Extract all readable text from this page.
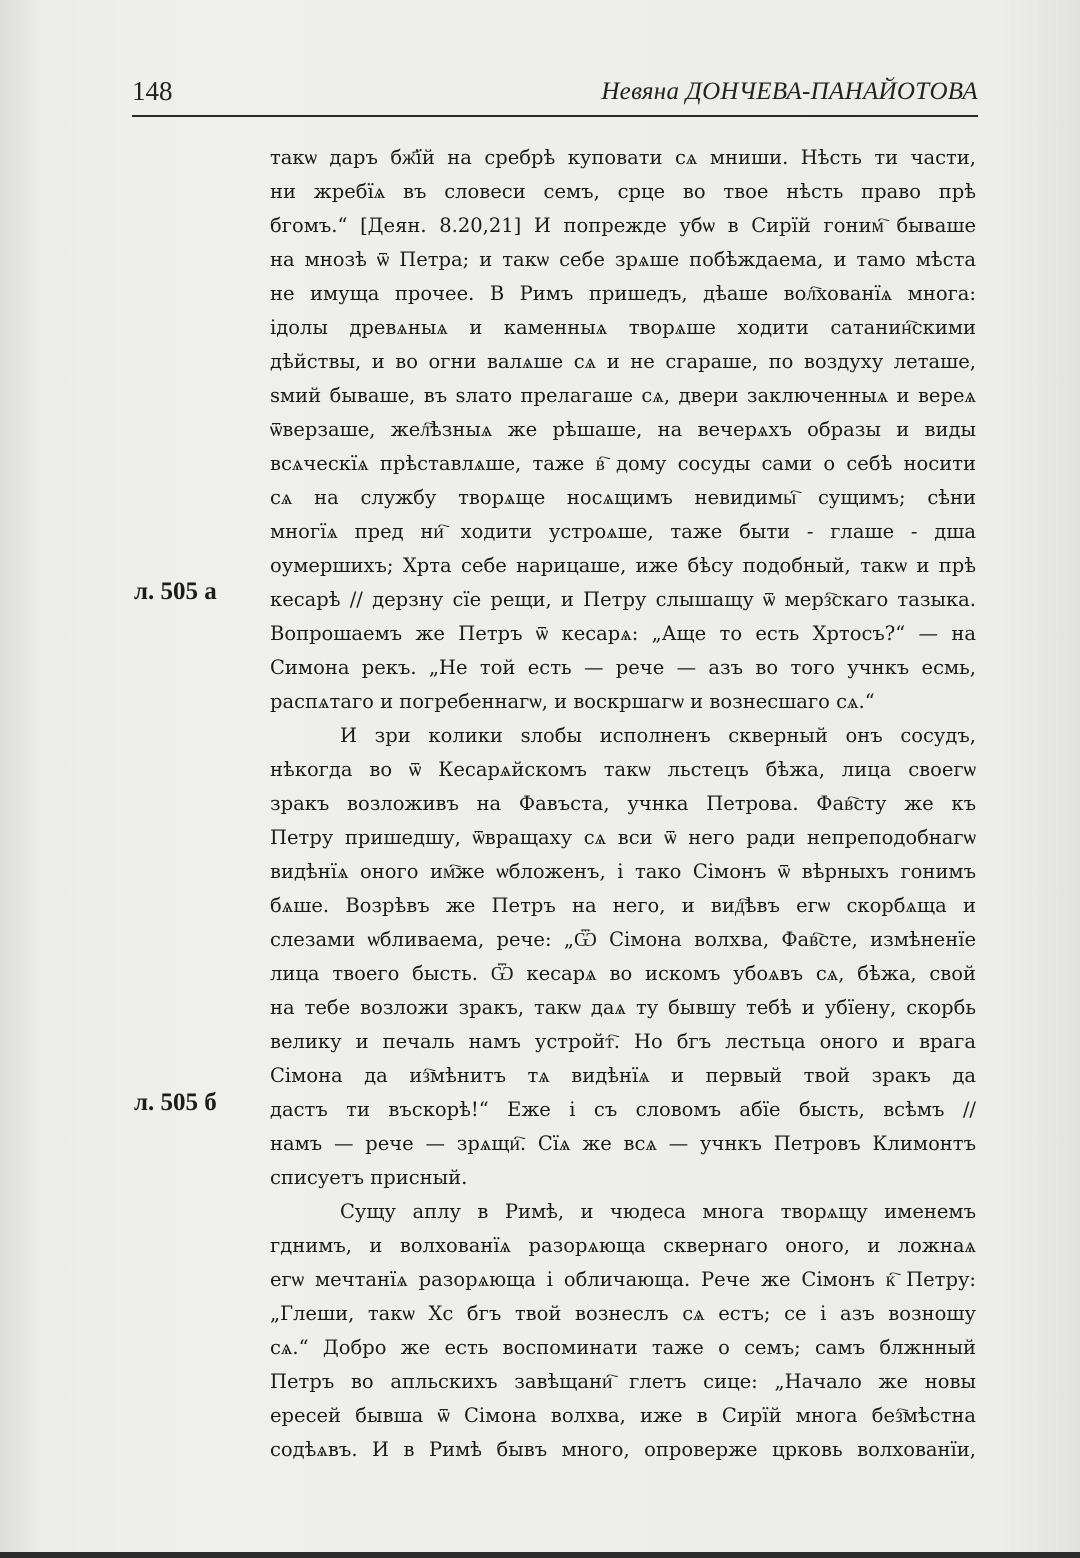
148	Невяна ДОНЧЕВА-ПАНАЙОТОВА
л. 505 а
л. 505 б
такѡ даръ бж҃їй на сребрѣ куповати сѧ мниши. Нѣсть ти части,
ни жребїѧ въ словеси семъ, срце во твое нѣсть право прѣ
бгомъ.“ [Деян. 8.20,21] И попрежде убѡ в Сирїй гоним҇ бываше
на мнозѣ ѿ Петра; и такѡ себе зрѧше побѣждаема, и тамо мѣста
не имуща прочее. В Римъ пришедъ, дѣаше вол҇хованїѧ многа:
ідолы древѧныѧ и каменныѧ творѧше ходити сатанин҇скими
дѣйствы, и во огни валѧше сѧ и не сгараше, по воздуху леташе,
ѕмий бываше, въ ѕлато прелагаше сѧ, двери заключенныѧ и вереѧ
ѿверзаше, жел҇ѣзныѧ же рѣшаше, на вечерѧхъ образы и виды
всѧческїѧ прѣставлѧше, таже в҇ дому сосуды сами о себѣ носити
сѧ на службу творѧще носѧщимъ невидимы҇ сущимъ; сѣни
многїѧ пред ни҇ ходити устроѧше, таже быти - глаше - дша
оумершихъ; Хрта себе нарицаше, иже бѣсу подобный, такѡ и прѣ
кесарѣ // дерзну сїе рещи, и Петру слышащу ѿ мерз҇скаго тазыка.
Вопрошаемъ же Петръ ѿ кесарѧ: „Аще то есть Хртосъ?“ — на
Симона рекъ. „Не той есть — рече — азъ во того учнкъ есмь,
распѧтаго и погребеннагѡ, и воскршагѡ и вознесшаго сѧ.“
И зри колики ѕлобы исполненъ скверный онъ сосудъ,
нѣкогда во ѿ Кесарѧйскомъ такѡ льстецъ бѣжа, лица своегѡ
зракъ возложивъ на Фавъста, учнка Петрова. Фав҇сту же къ
Петру пришедшу, ѿвращаху сѧ вси ѿ него ради непреподобнагѡ
видѣнїѧ оного им҇же ѡбложенъ, і тако Сімонъ ѿ вѣрныхъ гонимъ
бѧше. Возрѣвъ же Петръ на него, и вид҇ѣвъ егѡ скорбѧща и
слезами ѡбливаема, рече: „Ѿ Сімона волхва, Фав҇сте, измѣненїе
лица твоего бысть. Ѿ кесарѧ во искомъ убоѧвъ сѧ, бѣжа, свой
на тебе возложи зракъ, такѡ даѧ ту бывшу тебѣ и убїену, скорбь
велику и печаль намъ устройт҇. Но бгъ лестьца оного и врага
Сімона да из҇мѣнитъ тѧ видѣнїѧ и первый твой зракъ да
дастъ ти въскорѣ!“ Еже і съ словомъ абїе бысть, всѣмъ //
намъ — рече — зрѧщи҇. Сїѧ же всѧ — учнкъ Петровъ Климонтъ
списуетъ присный.
Сущу аплу в Римѣ, и чюдеса многа творѧщу именемъ
гднимъ, и волхованїѧ разорѧюща сквернаго оного, и ложнаѧ
егѡ мечтанїѧ разорѧюща і обличающа. Рече же Сімонъ к҇ Петру:
„Глеши, такѡ Хс бгъ твой вознеслъ сѧ естъ; се і азъ возношу
сѧ.“ Добро же есть воспоминати таже о семъ; самъ блжнный
Петръ во апльскихъ завѣщани҇ глетъ сице: „Начало же новы
ересей бывша ѿ Сімона волхва, иже в Сирїй многа без҇мѣстна
содѣѧвъ. И в Римѣ бывъ много, опровержe црковь волхованїи,
